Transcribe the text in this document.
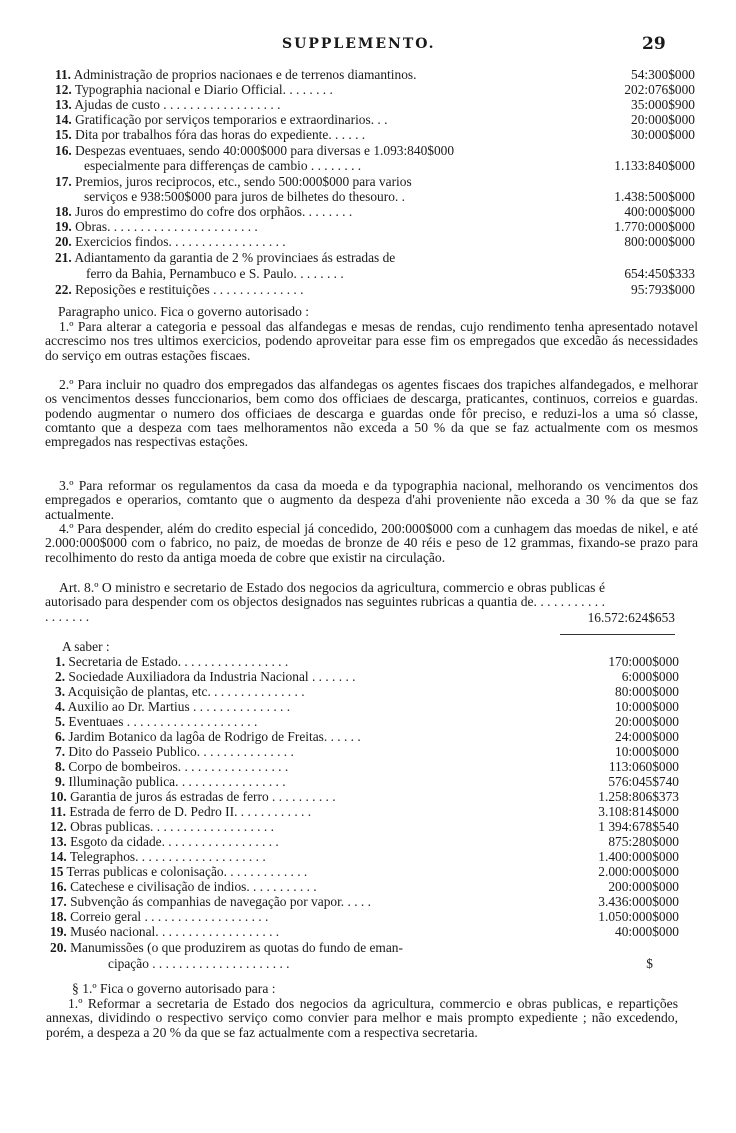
SUPPLEMENTO.	29
11. Administração de proprios nacionaes e de terrenos diamantinos.	54:300$000
12. Typographia nacional e Diario Official. . . . . . . .	202:076$000
13. Ajudas de custo . . . . . . . . . . . . . . . . . .	35:000$900
14. Gratificação por serviços temporarios e extraordinarios. . .	20:000$000
15. Dita por trabalhos fóra das horas do expediente. . . . . .	30:000$000
16. Despezas eventuaes, sendo 40:000$000 para diversas e 1.093:840$000
especialmente para differenças de cambio . . . . . . . .	1.133:840$000
17. Premios, juros reciprocos, etc., sendo 500:000$000 para varios
serviços e 938:500$000 para juros de bilhetes do thesouro. .	1.438:500$000
18. Juros do emprestimo do cofre dos orphãos. . . . . . . .	400:000$000
19. Obras. . . . . . . . . . . . . . . . . . . . . . .	1.770:000$000
20. Exercicios findos. . . . . . . . . . . . . . . . . .	800:000$000
21. Adiantamento da garantia de 2 % provinciaes ás estradas de
ferro da Bahia, Pernambuco e S. Paulo. . . . . . . .	654:450$333
22. Reposições e restituições . . . . . . . . . . . . . .	95:793$000
Paragrapho unico. Fica o governo autorisado :
1.º Para alterar a categoria e pessoal das alfandegas e mesas de rendas, cujo rendimento tenha apresentado notavel accrescimo nos tres ultimos exercicios, podendo aproveitar para esse fim os empregados que excedão ás necessidades do serviço em outras estações fiscaes.
2.º Para incluir no quadro dos empregados das alfandegas os agentes fiscaes dos trapiches alfandegados, e melhorar os vencimentos desses funccionarios, bem como dos officiaes de descarga, praticantes, continuos, correios e guardas. podendo augmentar o numero dos officiaes de descarga e guardas onde fôr preciso, e reduzi-los a uma só classe, comtanto que a despeza com taes melhoramentos não exceda a 50 % da que se faz actualmente com os mesmos empregados nas respectivas estações.
3.º Para reformar os regulamentos da casa da moeda e da typographia nacional, melhorando os vencimentos dos empregados e operarios, comtanto que o augmento da despeza d'ahi proveniente não exceda a 30 % da que se faz actualmente.
4.º Para despender, além do credito especial já concedido, 200:000$000 com a cunhagem das moedas de nikel, e até 2.000:000$000 com o fabrico, no paiz, de moedas de bronze de 40 réis e peso de 12 grammas, fixando-se prazo para recolhimento do resto da antiga moeda de cobre que existir na circulação.
Art. 8.º O ministro e secretario de Estado dos negocios da agricultura, commercio e obras publicas é autorisado para despender com os objectos designados nas seguintes rubricas a quantia de. . . . . . . . . . . . . . . . . .	16.572:624$653
A saber :
1. Secretaria de Estado. . . . . . . . . . . . . . . . .	170:000$000
2. Sociedade Auxiliadora da Industria Nacional . . . . . . .	6:000$000
3. Acquisição de plantas, etc. . . . . . . . . . . . . . .	80:000$000
4. Auxilio ao Dr. Martius . . . . . . . . . . . . . . .	10:000$000
5. Eventuaes . . . . . . . . . . . . . . . . . . . .	20:000$000
6. Jardim Botanico da lagôa de Rodrigo de Freitas. . . . . .	24:000$000
7. Dito do Passeio Publico. . . . . . . . . . . . . . .	10:000$000
8. Corpo de bombeiros. . . . . . . . . . . . . . . . .	113:060$000
9. Illuminação publica. . . . . . . . . . . . . . . . .	576:045$740
10. Garantia de juros ás estradas de ferro . . . . . . . . . .	1.258:806$373
11. Estrada de ferro de D. Pedro II. . . . . . . . . . . .	3.108:814$000
12. Obras publicas. . . . . . . . . . . . . . . . . . .	1 394:678$540
13. Esgoto da cidade. . . . . . . . . . . . . . . . . .	875:280$000
14. Telegraphos. . . . . . . . . . . . . . . . . . . .	1.400:000$000
15 Terras publicas e colonisação. . . . . . . . . . . . .	2.000:000$000
16. Catechese e civilisação de indios. . . . . . . . . . .	200:000$000
17. Subvenção ás companhias de navegação por vapor. . . . .	3.436:000$000
18. Correio geral . . . . . . . . . . . . . . . . . . .	1.050:000$000
19. Muséo nacional. . . . . . . . . . . . . . . . . . .	40:000$000
20. Manumissões (o que produzirem as quotas do fundo de eman-
cipação . . . . . . . . . . . . . . . . . . . . .	$
§ 1.º Fica o governo autorisado para :
1.º Reformar a secretaria de Estado dos negocios da agricultura, commercio e obras publicas, e repartições annexas, dividindo o respectivo serviço como convier para melhor e mais prompto expediente ; não excedendo, porém, a despeza a 20 % da que se faz actualmente com a respectiva secretaria.
